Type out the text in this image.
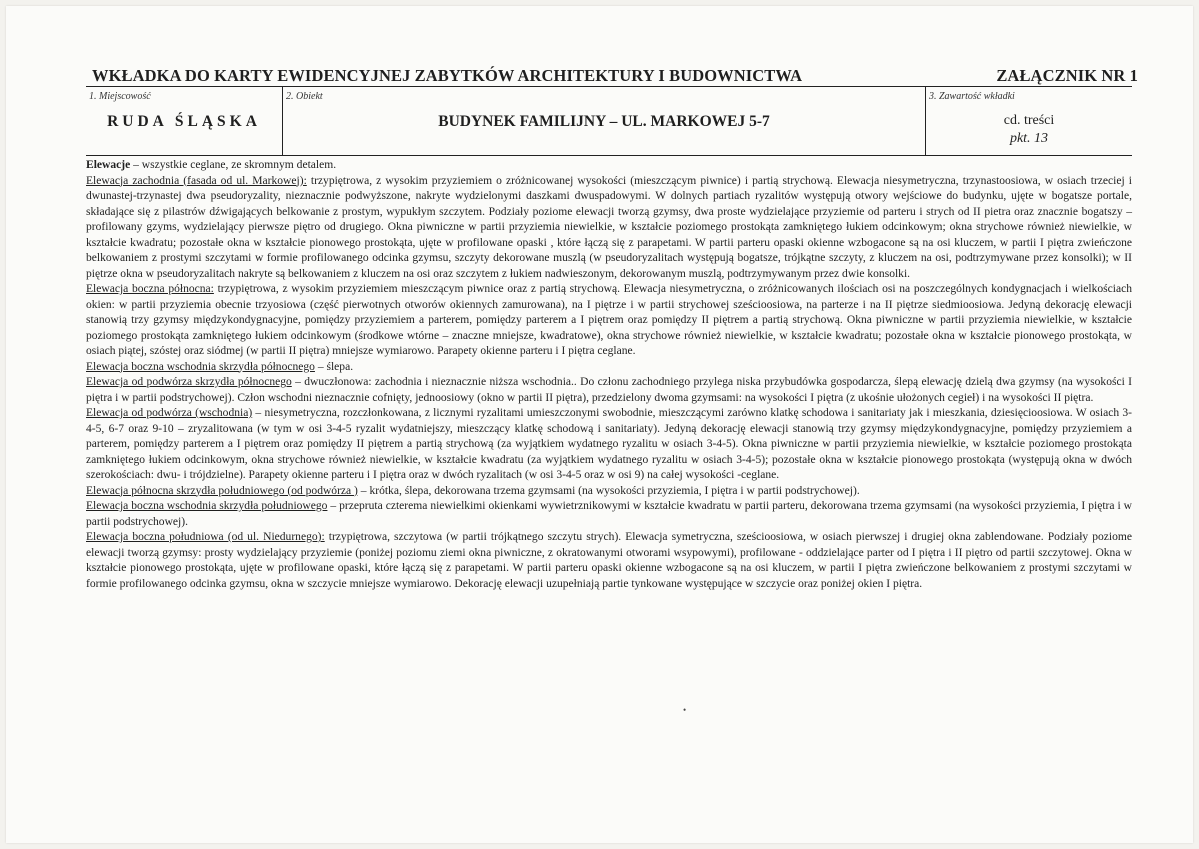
WKŁADKA DO KARTY EWIDENCYJNEJ ZABYTKÓW ARCHITEKTURY I BUDOWNICTWA	ZAŁĄCZNIK NR 1
1. Miejscowość
RUDA ŚLĄSKA
2. Obiekt
BUDYNEK FAMILIJNY – UL. MARKOWEJ 5-7
3. Zawartość wkładki
cd. treści
pkt. 13

Elewacje – wszystkie ceglane, ze skromnym detalem.

Elewacja zachodnia (fasada od ul. Markowej): trzypiętrowa, z wysokim przyziemiem o zróżnicowanej wysokości (mieszczącym piwnice) i partią strychową. Elewacja niesymetryczna, trzynastoosiowa, w osiach trzeciej i dwunastej-trzynastej dwa pseudoryzality, nieznacznie podwyższone, nakryte wydzielonymi daszkami dwuspadowymi. W dolnych partiach ryzalitów występują otwory wejściowe do budynku, ujęte w bogatsze portale, składające się z pilastrów dźwigających belkowanie z prostym, wypukłym szczytem. Podziały poziome elewacji tworzą gzymsy, dwa proste wydzielające przyziemie od parteru i strych od II pietra oraz znacznie bogatszy – profilowany gzyms, wydzielający pierwsze piętro od drugiego. Okna piwniczne w partii przyziemia niewielkie, w kształcie poziomego prostokąta zamkniętego łukiem odcinkowym; okna strychowe również niewielkie, w kształcie kwadratu; pozostałe okna w kształcie pionowego prostokąta, ujęte w profilowane opaski , które łączą się z parapetami. W partii parteru opaski okienne wzbogacone są na osi kluczem, w partii I piętra zwieńczone belkowaniem z prostymi szczytami w formie profilowanego odcinka gzymsu, szczyty dekorowane muszlą (w pseudoryzalitach występują bogatsze, trójkątne szczyty, z kluczem na osi, podtrzymywane przez konsolki); w II piętrze okna w pseudoryzalitach nakryte są belkowaniem z kluczem na osi oraz szczytem z łukiem nadwieszonym, dekorowanym muszlą, podtrzymywanym przez dwie konsolki.

Elewacja boczna północna: trzypiętrowa, z wysokim przyziemiem mieszczącym piwnice oraz z partią strychową. Elewacja niesymetryczna, o zróżnicowanych ilościach osi na poszczególnych kondygnacjach i wielkościach okien: w partii przyziemia obecnie trzyosiowa (część pierwotnych otworów okiennych zamurowana), na I piętrze i w partii strychowej sześcioosiowa, na parterze i na II piętrze siedmioosiowa. Jedyną dekorację elewacji stanowią trzy gzymsy międzykondygnacyjne, pomiędzy przyziemiem a parterem, pomiędzy parterem a I piętrem oraz pomiędzy II piętrem a partią strychową. Okna piwniczne w partii przyziemia niewielkie, w kształcie poziomego prostokąta zamkniętego łukiem odcinkowym (środkowe wtórne – znaczne mniejsze, kwadratowe), okna strychowe również niewielkie, w kształcie kwadratu; pozostałe okna w kształcie pionowego prostokąta, w osiach piątej, szóstej oraz siódmej (w partii II piętra) mniejsze wymiarowo. Parapety okienne parteru i I piętra ceglane.

Elewacja boczna wschodnia skrzydła północnego – ślepa.

Elewacja od podwórza skrzydła północnego – dwuczłonowa: zachodnia i nieznacznie niższa wschodnia.. Do członu zachodniego przylega niska przybudówka gospodarcza, ślepą elewację dzielą dwa gzymsy (na wysokości I piętra i w partii podstrychowej). Człon wschodni nieznacznie cofnięty, jednoosiowy (okno w partii II piętra), przedzielony dwoma gzymsami: na wysokości I piętra (z ukośnie ułożonych cegieł) i na wysokości II piętra.

Elewacja od podwórza (wschodnia) – niesymetryczna, rozczłonkowana, z licznymi ryzalitami umieszczonymi swobodnie, mieszczącymi zarówno klatkę schodowa i sanitariaty jak i mieszkania, dziesięcioosiowa. W osiach 3-4-5, 6-7 oraz 9-10 – zryzalitowana (w tym w osi 3-4-5 ryzalit wydatniejszy, mieszczący klatkę schodową i sanitariaty). Jedyną dekorację elewacji stanowią trzy gzymsy międzykondygnacyjne, pomiędzy przyziemiem a parterem, pomiędzy parterem a I piętrem oraz pomiędzy II piętrem a partią strychową (za wyjątkiem wydatnego ryzalitu w osiach 3-4-5). Okna piwniczne w partii przyziemia niewielkie, w kształcie poziomego prostokąta zamkniętego łukiem odcinkowym, okna strychowe również niewielkie, w kształcie kwadratu (za wyjątkiem wydatnego ryzalitu w osiach 3-4-5); pozostałe okna w kształcie pionowego prostokąta (występują okna w dwóch szerokościach: dwu- i trójdzielne). Parapety okienne parteru i I piętra oraz w dwóch ryzalitach (w osi 3-4-5 oraz w osi 9) na całej wysokości -ceglane.

Elewacja północna skrzydła południowego (od podwórza ) – krótka, ślepa, dekorowana trzema gzymsami (na wysokości przyziemia, I piętra i w partii podstrychowej).

Elewacja boczna wschodnia skrzydła południowego – przeprutа czterema niewielkimi okienkami wywietrznikowymi w kształcie kwadratu w partii parteru, dekorowana trzema gzymsami (na wysokości przyziemia, I piętra i w partii podstrychowej).

Elewacja boczna południowa (od ul. Niedurnego): trzypiętrowa, szczytowa (w partii trójkątnego szczytu strych). Elewacja symetryczna, sześcioosiowa, w osiach pierwszej i drugiej okna zablendowane. Podziały poziome elewacji tworzą gzymsy: prosty wydzielający przyziemie (poniżej poziomu ziemi okna piwniczne, z okratowanymi otworami wsypowymi), profilowane - oddzielające parter od I piętra i II piętro od partii szczytowej. Okna w kształcie pionowego prostokąta, ujęte w profilowane opaski, które łączą się z parapetami. W partii parteru opaski okienne wzbogacone są na osi kluczem, w partii I piętra zwieńczone belkowaniem z prostymi szczytami w formie profilowanego odcinka gzymsu, okna w szczycie mniejsze wymiarowo. Dekorację elewacji uzupełniają partie tynkowane występujące w szczycie oraz poniżej okien I piętra.

•
